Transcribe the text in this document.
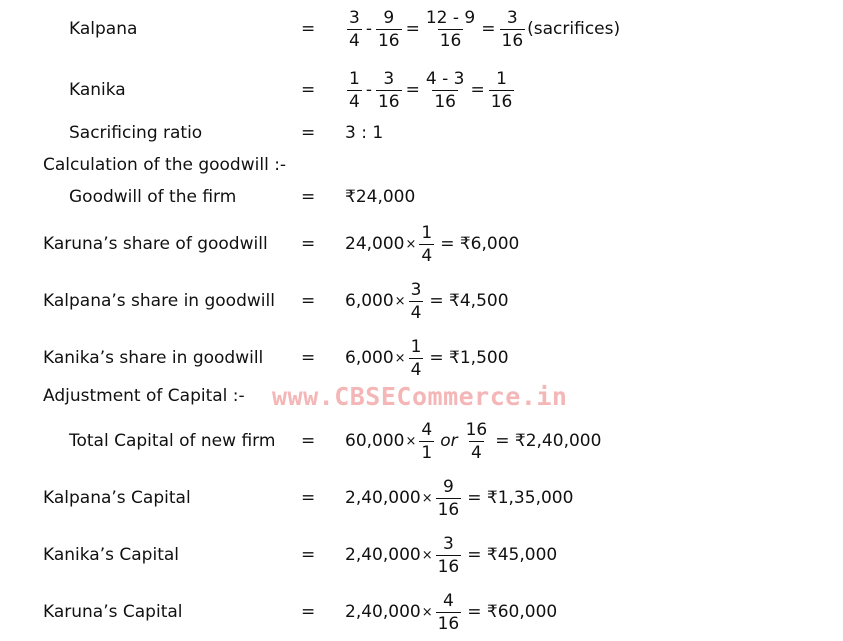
Kalpana	= $\frac{3}{4} - \frac{9}{16} = \frac{12 - 9}{16} = \frac{3}{16}$ (sacrifices)
Kanika	= $\frac{1}{4} - \frac{3}{16} = \frac{4 - 3}{16} = \frac{1}{16}$
Sacrificing ratio	= 3 : 1
Calculation of the goodwill :-
Goodwill of the firm	= ₹24,000
Karuna’s share of goodwill = $24,000 \times \frac{1}{4}$ = ₹6,000
Kalpana’s share in goodwill = $6,000 \times \frac{3}{4}$ = ₹4,500
Kanika’s share in goodwill = $6,000 \times \frac{1}{4}$ = ₹1,500
Adjustment of Capital :- www.CBSECommerce.in
Total Capital of new firm = $60,000 \times \frac{4}{1}$ or $\frac{16}{4}$ = ₹2,40,000
Kalpana’s Capital	= $2,40,000 \times \frac{9}{16}$ = ₹1,35,000
Kanika’s Capital	= $2,40,000 \times \frac{3}{16}$ = ₹45,000
Karuna’s Capital	= $2,40,000 \times \frac{4}{16}$ = ₹60,000
